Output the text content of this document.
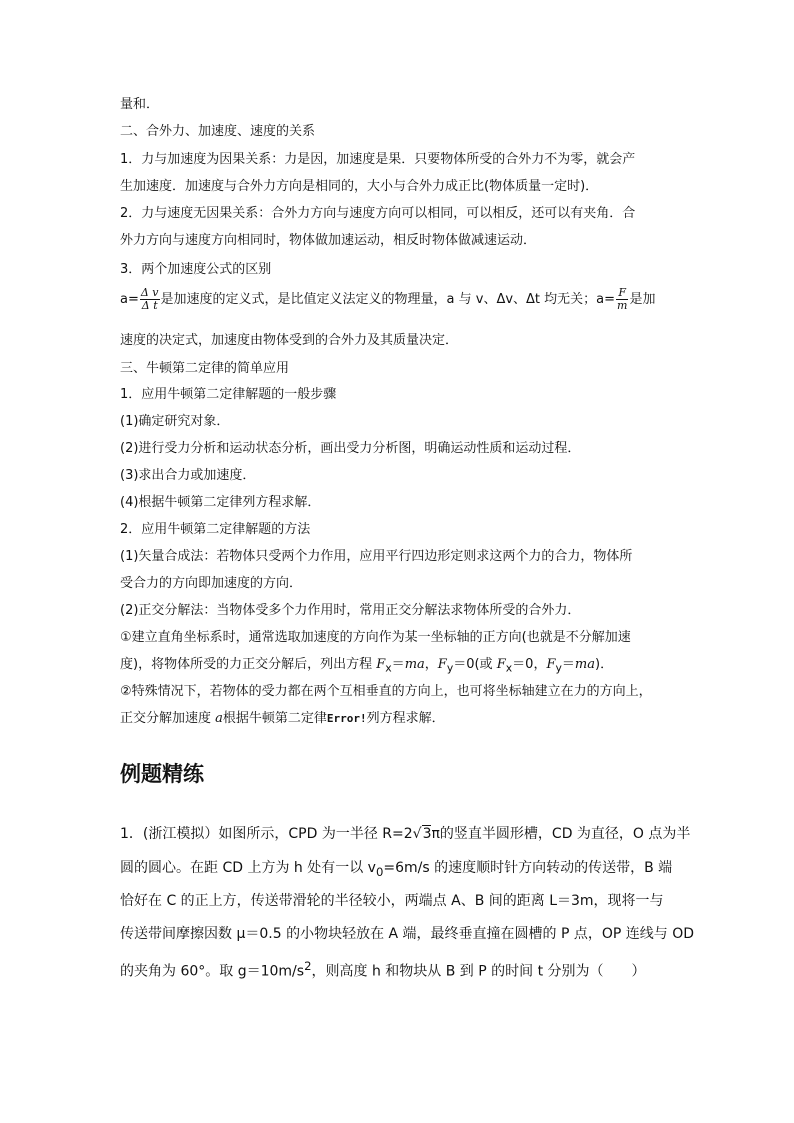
量和．
二、合外力、加速度、速度的关系
1．力与加速度为因果关系：力是因，加速度是果．只要物体所受的合外力不为零，就会产
生加速度．加速度与合外力方向是相同的，大小与合外力成正比(物体质量一定时)．
2．力与速度无因果关系：合外力方向与速度方向可以相同，可以相反，还可以有夹角．合
外力方向与速度方向相同时，物体做加速运动，相反时物体做减速运动．
3．两个加速度公式的区别
$a= \frac{\text{Δ v}}{\text{Δ t}}$ 是加速度的定义式，是比值定义法定义的物理量，a 与 v、Δv、Δt 均无关；$a= \frac{F}{m}$ 是加
速度的决定式，加速度由物体受到的合外力及其质量决定．
三、牛顿第二定律的简单应用
1．应用牛顿第二定律解题的一般步骤
(1)确定研究对象．
(2)进行受力分析和运动状态分析，画出受力分析图，明确运动性质和运动过程．
(3)求出合力或加速度．
(4)根据牛顿第二定律列方程求解．
2．应用牛顿第二定律解题的方法
(1)矢量合成法：若物体只受两个力作用，应用平行四边形定则求这两个力的合力，物体所
受合力的方向即加速度的方向．
(2)正交分解法：当物体受多个力作用时，常用正交分解法求物体所受的合外力．
①建立直角坐标系时，通常选取加速度的方向作为某一坐标轴的正方向(也就是不分解加速
度)，将物体所受的力正交分解后，列出方程 $F_x=ma$，$F_y=0$(或 $F_x=0$，$F_y=ma$)．
②特殊情况下，若物体的受力都在两个互相垂直的方向上，也可将坐标轴建立在力的方向上，
正交分解加速度 a根据牛顿第二定律Error!列方程求解．
例题精练
1．(浙江模拟）如图所示，CPD 为一半径 R=2√3π的竖直半圆形槽，CD 为直径，O 点为半
圆的圆心。在距 CD 上方为 h 处有一以 $v_0=6m/s$ 的速度顺时针方向转动的传送带，B 端
恰好在 C 的正上方，传送带滑轮的半径较小，两端点 A、B 间的距离 L＝3m，现将一与
传送带间摩擦因数 μ＝0.5 的小物块轻放在 A 端，最终垂直撞在圆槽的 P 点，OP 连线与 OD
的夹角为 60°。取 $g=10m/s^2$，则高度 h 和物块从 B 到 P 的时间 t 分别为（　　）
